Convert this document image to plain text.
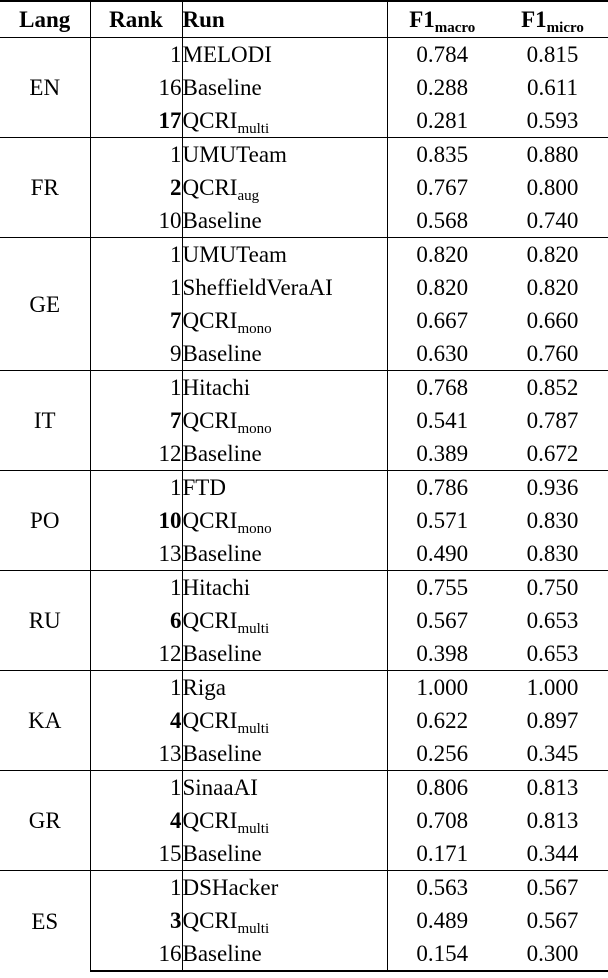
Lang	Rank	Run	$F1_{macro}$	$F1_{micro}$
EN	1	MELODI	0.784	0.815
	16	Baseline	0.288	0.611
	17	$QCRI_{multi}$	0.281	0.593
FR	1	UMUTeam	0.835	0.880
	2	$QCRI_{aug}$	0.767	0.800
	10	Baseline	0.568	0.740
GE	1	UMUTeam	0.820	0.820
	1	SheffieldVeraAI	0.820	0.820
	7	$QCRI_{mono}$	0.667	0.660
	9	Baseline	0.630	0.760
IT	1	Hitachi	0.768	0.852
	7	$QCRI_{mono}$	0.541	0.787
	12	Baseline	0.389	0.672
PO	1	FTD	0.786	0.936
	10	$QCRI_{mono}$	0.571	0.830
	13	Baseline	0.490	0.830
RU	1	Hitachi	0.755	0.750
	6	$QCRI_{multi}$	0.567	0.653
	12	Baseline	0.398	0.653
KA	1	Riga	1.000	1.000
	4	$QCRI_{multi}$	0.622	0.897
	13	Baseline	0.256	0.345
GR	1	SinaaAI	0.806	0.813
	4	$QCRI_{multi}$	0.708	0.813
	15	Baseline	0.171	0.344
ES	1	DSHacker	0.563	0.567
	3	$QCRI_{multi}$	0.489	0.567
	16	Baseline	0.154	0.300
